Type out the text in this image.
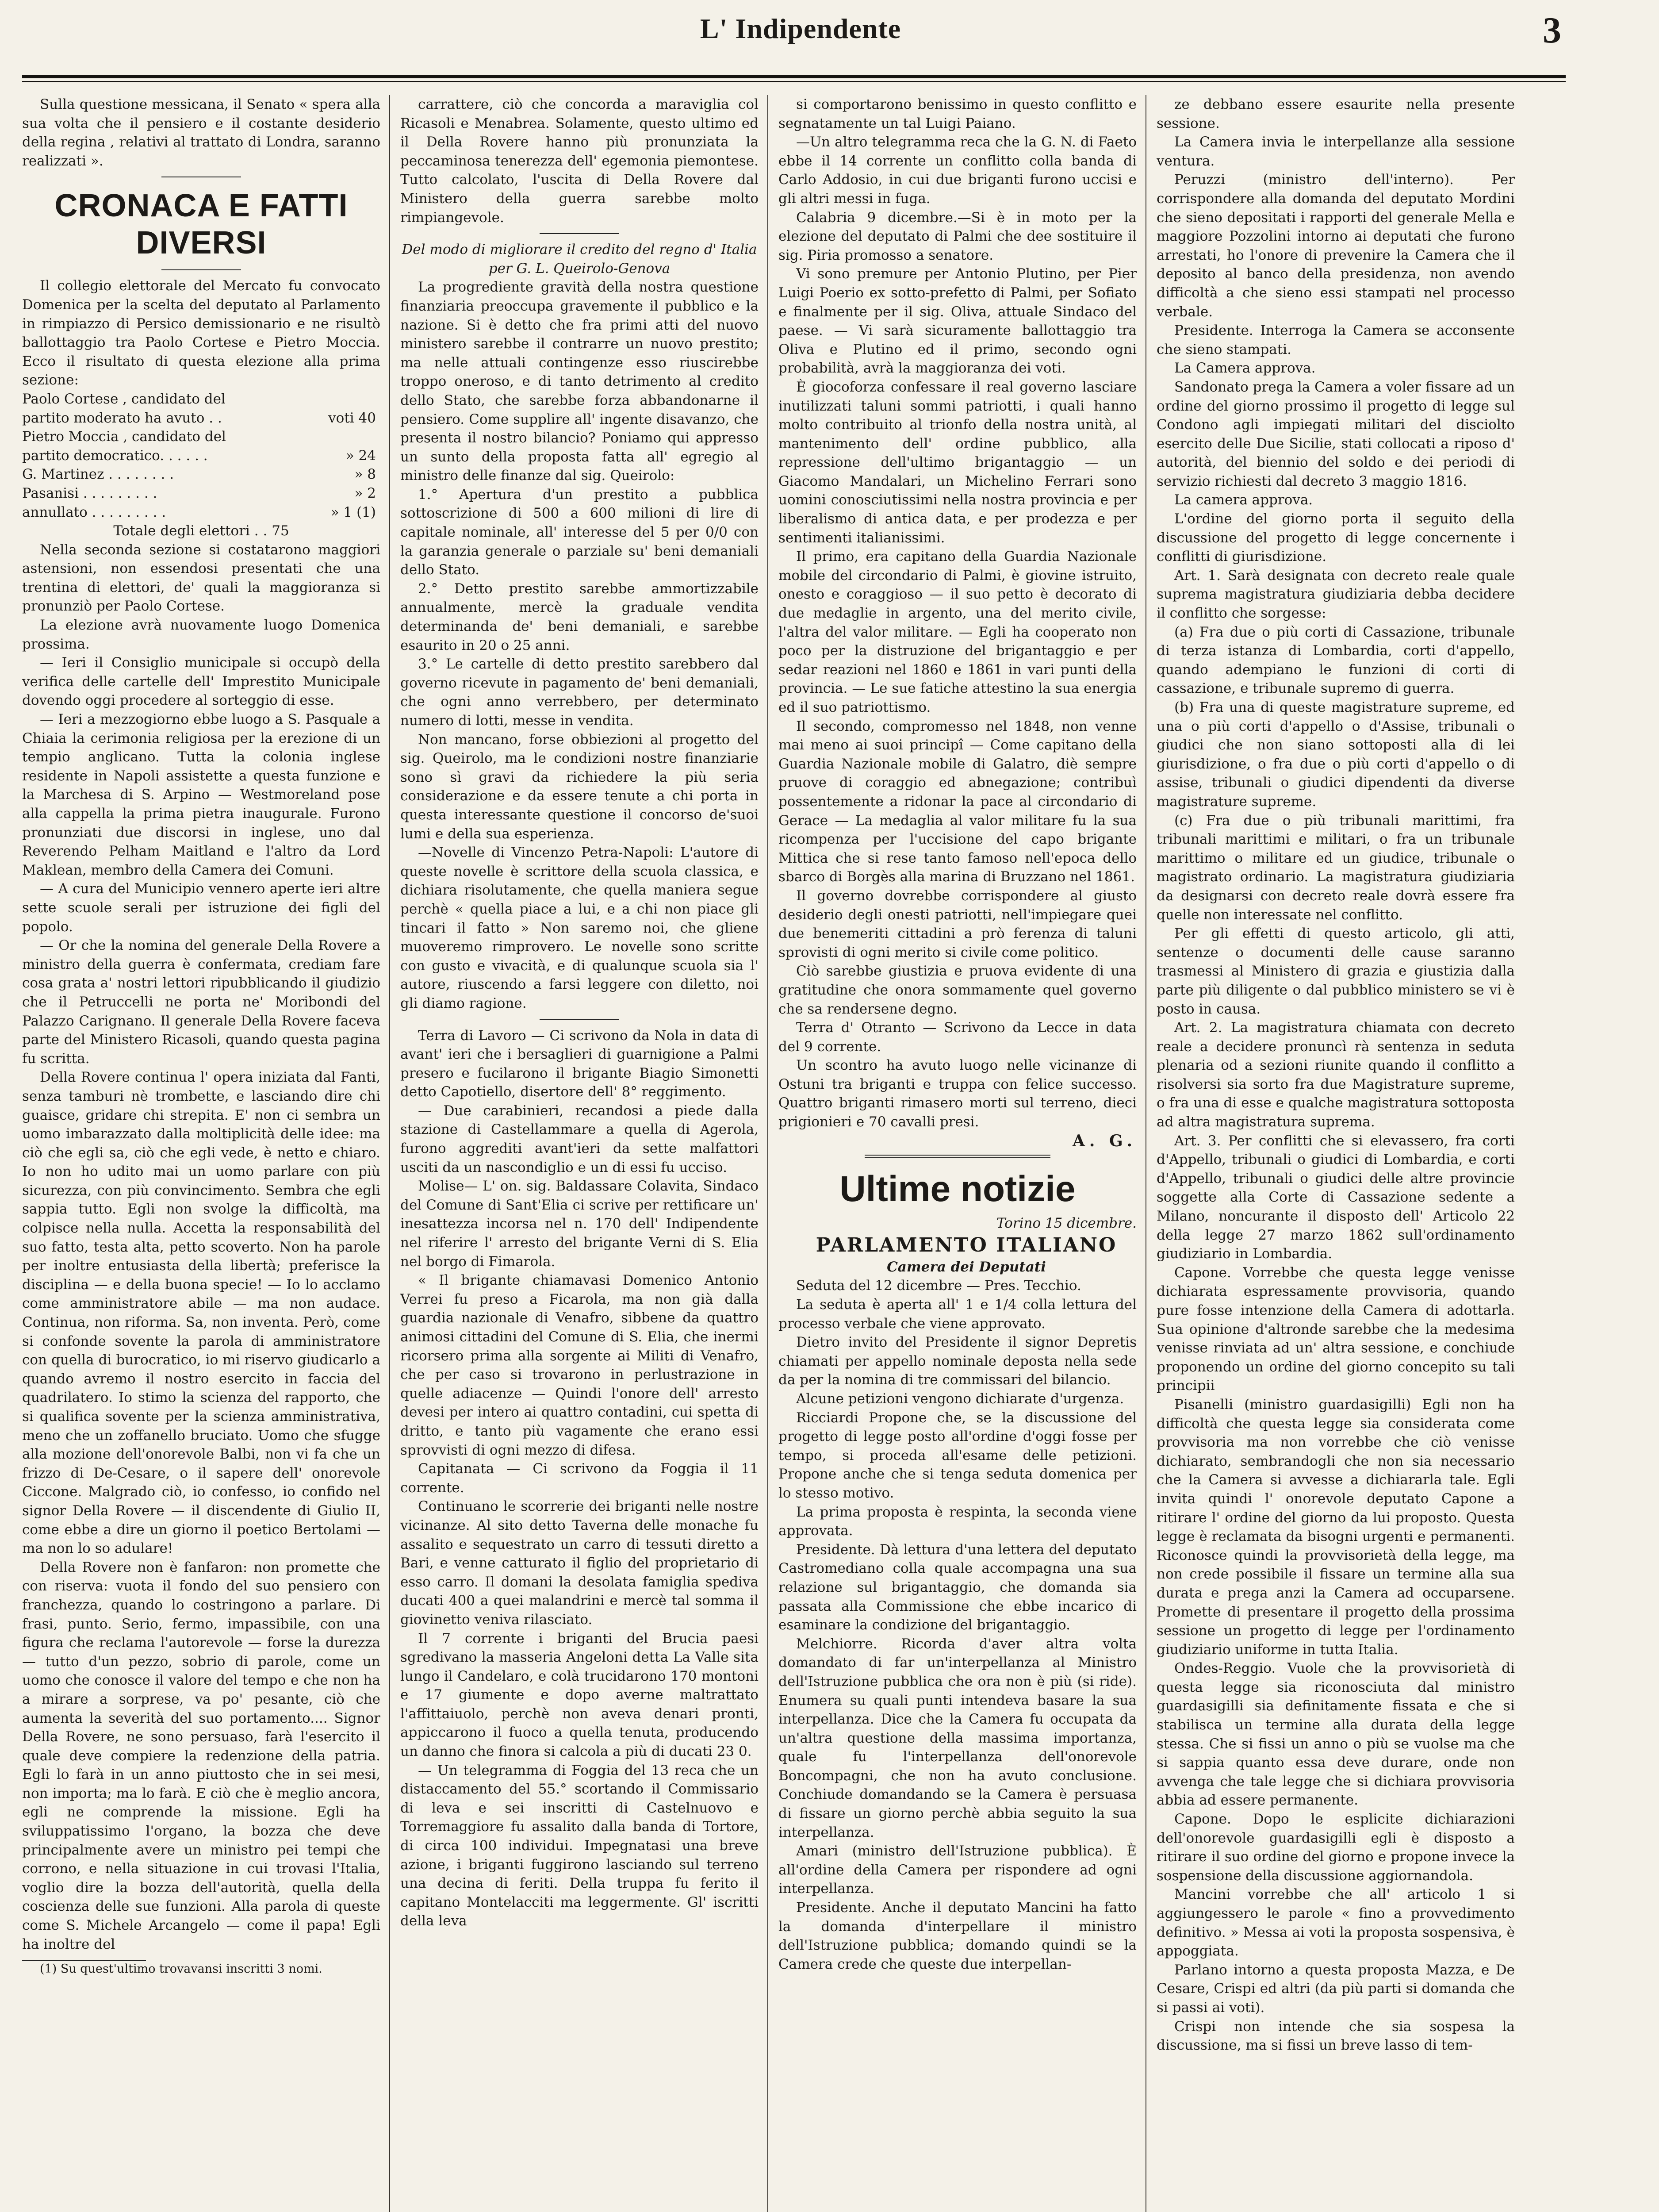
L' Indipendente	3

Sulla questione messicana, il Senato « spera alla sua volta che il pensiero e il costante desiderio della regina , relativi al trattato di Londra, saranno realizzati ».

CRONACA E FATTI DIVERSI

Il collegio elettorale del Mercato fu convocato Domenica per la scelta del deputato al Parlamento in rimpiazzo di Persico demissionario e ne risultò ballottaggio tra Paolo Cortese e Pietro Moccia. Ecco il risultato di questa elezione alla prima sezione:

Paolo Cortese , candidato del	
partito moderato ha avuto . .	voti 40
Pietro Moccia , candidato del	
partito democratico. . . . . .	» 24
G. Martinez . . . . . . . .	» 8
Pasanisi . . . . . . . . .	» 2
annullato . . . . . . . . .	» 1 (1)

Totale degli elettori . . 75

Nella seconda sezione si costatarono maggiori astensioni, non essendosi presentati che una trentina di elettori, de' quali la maggioranza si pronunziò per Paolo Cortese.

La elezione avrà nuovamente luogo Domenica prossima.

— Ieri il Consiglio municipale si occupò della verifica delle cartelle dell' Imprestito Municipale dovendo oggi procedere al sorteggio di esse.

— Ieri a mezzogiorno ebbe luogo a S. Pasquale a Chiaia la cerimonia religiosa per la erezione di un tempio anglicano. Tutta la colonia inglese residente in Napoli assistette a questa funzione e la Marchesa di S. Arpino — Westmoreland pose alla cappella la prima pietra inaugurale. Furono pronunziati due discorsi in inglese, uno dal Reverendo Pelham Maitland e l'altro da Lord Maklean, membro della Camera dei Comuni.

— A cura del Municipio vennero aperte ieri altre sette scuole serali per istruzione dei figli del popolo.

— Or che la nomina del generale Della Rovere a ministro della guerra è confermata, crediam fare cosa grata a' nostri lettori ripubblicando il giudizio che il Petruccelli ne porta ne' Moribondi del Palazzo Carignano. Il generale Della Rovere faceva parte del Ministero Ricasoli, quando questa pagina fu scritta.

Della Rovere continua l' opera iniziata dal Fanti, senza tamburi nè trombette, e lasciando dire chi guaisce, gridare chi strepita. E' non ci sembra un uomo imbarazzato dalla moltiplicità delle idee: ma ciò che egli sa, ciò che egli vede, è netto e chiaro. Io non ho udito mai un uomo parlare con più sicurezza, con più convincimento. Sembra che egli sappia tutto. Egli non svolge la difficoltà, ma colpisce nella nulla. Accetta la responsabilità del suo fatto, testa alta, petto scoverto. Non ha parole per inoltre entusiasta della libertà; preferisce la disciplina — e della buona specie! — Io lo acclamo come amministratore abile — ma non audace. Continua, non riforma. Sa, non inventa. Però, come si confonde sovente la parola di amministratore con quella di burocratico, io mi riservo giudicarlo a quando avremo il nostro esercito in faccia del quadrilatero. Io stimo la scienza del rapporto, che si qualifica sovente per la scienza amministrativa, meno che un zoffanello bruciato. Uomo che sfugge alla mozione dell'onorevole Balbi, non vi fa che un frizzo di De-Cesare, o il sapere dell' onorevole Ciccone. Malgrado ciò, io confesso, io confido nel signor Della Rovere — il discendente di Giulio II, come ebbe a dire un giorno il poetico Bertolami — ma non lo so adulare!

Della Rovere non è fanfaron: non promette che con riserva: vuota il fondo del suo pensiero con franchezza, quando lo costringono a parlare. Di frasi, punto. Serio, fermo, impassibile, con una figura che reclama l'autorevole — forse la durezza — tutto d'un pezzo, sobrio di parole, come un uomo che conosce il valore del tempo e che non ha a mirare a sorprese, va po' pesante, ciò che aumenta la severità del suo portamento.... Signor Della Rovere, ne sono persuaso, farà l'esercito il quale deve compiere la redenzione della patria. Egli lo farà in un anno piuttosto che in sei mesi, non importa; ma lo farà. E ciò che è meglio ancora, egli ne comprende la missione. Egli ha sviluppatissimo l'organo, la bozza che deve principalmente avere un ministro pei tempi che corrono, e nella situazione in cui trovasi l'Italia, voglio dire la bozza dell'autorità, quella della coscienza delle sue funzioni. Alla parola di queste come S. Michele Arcangelo — come il papa! Egli ha inoltre del

(1) Su quest'ultimo trovavansi inscritti 3 nomi.

carrattere, ciò che concorda a maraviglia col Ricasoli e Menabrea. Solamente, questo ultimo ed il Della Rovere hanno più pronunziata la peccaminosa tenerezza dell' egemonia piemontese. Tutto calcolato, l'uscita di Della Rovere dal Ministero della guerra sarebbe molto rimpiangevole.

Del modo di migliorare il credito del regno d' Italia per G. L. Queirolo-Genova

La progrediente gravità della nostra questione finanziaria preoccupa gravemente il pubblico e la nazione. Si è detto che fra primi atti del nuovo ministero sarebbe il contrarre un nuovo prestito; ma nelle attuali contingenze esso riuscirebbe troppo oneroso, e di tanto detrimento al credito dello Stato, che sarebbe forza abbandonarne il pensiero. Come supplire all' ingente disavanzo, che presenta il nostro bilancio? Poniamo qui appresso un sunto della proposta fatta all' egregio al ministro delle finanze dal sig. Queirolo:

1.° Apertura d'un prestito a pubblica sottoscrizione di 500 a 600 milioni di lire di capitale nominale, all' interesse del 5 per 0/0 con la garanzia generale o parziale su' beni demaniali dello Stato.

2.° Detto prestito sarebbe ammortizzabile annualmente, mercè la graduale vendita determinanda de' beni demaniali, e sarebbe esaurito in 20 o 25 anni.

3.° Le cartelle di detto prestito sarebbero dal governo ricevute in pagamento de' beni demaniali, che ogni anno verrebbero, per determinato numero di lotti, messe in vendita.

Non mancano, forse obbiezioni al progetto del sig. Queirolo, ma le condizioni nostre finanziarie sono sì gravi da richiedere la più seria considerazione e da essere tenute a chi porta in questa interessante questione il concorso de'suoi lumi e della sua esperienza.

—Novelle di Vincenzo Petra-Napoli: L'autore di queste novelle è scrittore della scuola classica, e dichiara risolutamente, che quella maniera segue perchè « quella piace a lui, e a chi non piace gli tincari il fatto » Non saremo noi, che gliene muoveremo rimprovero. Le novelle sono scritte con gusto e vivacità, e di qualunque scuola sia l' autore, riuscendo a farsi leggere con diletto, noi gli diamo ragione.

Terra di Lavoro — Ci scrivono da Nola in data di avant' ieri che i bersaglieri di guarnigione a Palmi presero e fucilarono il brigante Biagio Simonetti detto Capotiello, disertore dell' 8° reggimento.

— Due carabinieri, recandosi a piede dalla stazione di Castellammare a quella di Agerola, furono aggrediti avant'ieri da sette malfattori usciti da un nascondiglio e un di essi fu ucciso.

Molise— L' on. sig. Baldassare Colavita, Sindaco del Comune di Sant'Elia ci scrive per rettificare un' inesattezza incorsa nel n. 170 dell' Indipendente nel riferire l' arresto del brigante Verni di S. Elia nel borgo di Fimarola.

« Il brigante chiamavasi Domenico Antonio Verrei fu preso a Ficarola, ma non già dalla guardia nazionale di Venafro, sibbene da quattro animosi cittadini del Comune di S. Elia, che inermi ricorsero prima alla sorgente ai Militi di Venafro, che per caso si trovarono in perlustrazione in quelle adiacenze — Quindi l'onore dell' arresto devesi per intero ai quattro contadini, cui spetta di dritto, e tanto più vagamente che erano essi sprovvisti di ogni mezzo di difesa.

Capitanata — Ci scrivono da Foggia il 11 corrente.

Continuano le scorrerie dei briganti nelle nostre vicinanze. Al sito detto Taverna delle monache fu assalito e sequestrato un carro di tessuti diretto a Bari, e venne catturato il figlio del proprietario di esso carro. Il domani la desolata famiglia spediva ducati 400 a quei malandrini e mercè tal somma il giovinetto veniva rilasciato.

Il 7 corrente i briganti del Brucia paesi sgredivano la masseria Angeloni detta La Valle sita lungo il Candelaro, e colà trucidarono 170 montoni e 17 giumente e dopo averne maltrattato l'affittaiuolo, perchè non aveva denari pronti, appiccarono il fuoco a quella tenuta, producendo un danno che finora si calcola a più di ducati 23 0.

— Un telegramma di Foggia del 13 reca che un distaccamento del 55.° scortando il Commissario di leva e sei inscritti di Castelnuovo e Torremaggiore fu assalito dalla banda di Tortore, di circa 100 individui. Impegnatasi una breve azione, i briganti fuggirono lasciando sul terreno una decina di feriti. Della truppa fu ferito il capitano Montelacciti ma leggermente. Gl' iscritti della leva

si comportarono benissimo in questo conflitto e segnatamente un tal Luigi Paiano.

—Un altro telegramma reca che la G. N. di Faeto ebbe il 14 corrente un conflitto colla banda di Carlo Addosio, in cui due briganti furono uccisi e gli altri messi in fuga.

Calabria 9 dicembre.—Si è in moto per la elezione del deputato di Palmi che dee sostituire il sig. Piria promosso a senatore.

Vi sono premure per Antonio Plutino, per Pier Luigi Poerio ex sotto-prefetto di Palmi, per Sofiato e finalmente per il sig. Oliva, attuale Sindaco del paese. — Vi sarà sicuramente ballottaggio tra Oliva e Plutino ed il primo, secondo ogni probabilità, avrà la maggioranza dei voti.

È giocoforza confessare il real governo lasciare inutilizzati taluni sommi patriotti, i quali hanno molto contribuito al trionfo della nostra unità, al mantenimento dell' ordine pubblico, alla repressione dell'ultimo brigantaggio — un Giacomo Mandalari, un Michelino Ferrari sono uomini conosciutissimi nella nostra provincia e per liberalismo di antica data, e per prodezza e per sentimenti italianissimi.

Il primo, era capitano della Guardia Nazionale mobile del circondario di Palmi, è giovine istruito, onesto e coraggioso — il suo petto è decorato di due medaglie in argento, una del merito civile, l'altra del valor militare. — Egli ha cooperato non poco per la distruzione del brigantaggio e per sedar reazioni nel 1860 e 1861 in vari punti della provincia. — Le sue fatiche attestino la sua energia ed il suo patriottismo.

Il secondo, compromesso nel 1848, non venne mai meno ai suoi principî — Come capitano della Guardia Nazionale mobile di Galatro, diè sempre pruove di coraggio ed abnegazione; contribuì possentemente a ridonar la pace al circondario di Gerace — La medaglia al valor militare fu la sua ricompenza per l'uccisione del capo brigante Mittica che si rese tanto famoso nell'epoca dello sbarco di Borgès alla marina di Bruzzano nel 1861.

Il governo dovrebbe corrispondere al giusto desiderio degli onesti patriotti, nell'impiegare quei due benemeriti cittadini a prò ferenza di taluni sprovisti di ogni merito si civile come politico.

Ciò sarebbe giustizia e pruova evidente di una gratitudine che onora sommamente quel governo che sa rendersene degno.

Terra d' Otranto — Scrivono da Lecce in data del 9 corrente.

Un scontro ha avuto luogo nelle vicinanze di Ostuni tra briganti e truppa con felice successo. Quattro briganti rimasero morti sul terreno, dieci prigionieri e 70 cavalli presi.

A. G.

Ultime notizie

Torino 15 dicembre.

PARLAMENTO ITALIANO

Camera dei Deputati

Seduta del 12 dicembre — Pres. Tecchio.

La seduta è aperta all' 1 e 1/4 colla lettura del processo verbale che viene approvato.

Dietro invito del Presidente il signor Depretis chiamati per appello nominale deposta nella sede da per la nomina di tre commissari del bilancio.

Alcune petizioni vengono dichiarate d'urgenza.

Ricciardi Propone che, se la discussione del progetto di legge posto all'ordine d'oggi fosse per tempo, si proceda all'esame delle petizioni. Propone anche che si tenga seduta domenica per lo stesso motivo.

La prima proposta è respinta, la seconda viene approvata.

Presidente. Dà lettura d'una lettera del deputato Castromediano colla quale accompagna una sua relazione sul brigantaggio, che domanda sia passata alla Commissione che ebbe incarico di esaminare la condizione del brigantaggio.

Melchiorre. Ricorda d'aver altra volta domandato di far un'interpellanza al Ministro dell'Istruzione pubblica che ora non è più (si ride). Enumera su quali punti intendeva basare la sua interpellanza. Dice che la Camera fu occupata da un'altra questione della massima importanza, quale fu l'interpellanza dell'onorevole Boncompagni, che non ha avuto conclusione. Conchiude domandando se la Camera è persuasa di fissare un giorno perchè abbia seguito la sua interpellanza.

Amari (ministro dell'Istruzione pubblica). È all'ordine della Camera per rispondere ad ogni interpellanza.

Presidente. Anche il deputato Mancini ha fatto la domanda d'interpellare il ministro dell'Istruzione pubblica; domando quindi se la Camera crede che queste due interpellan-

ze debbano essere esaurite nella presente sessione.

La Camera invia le interpellanze alla sessione ventura.

Peruzzi (ministro dell'interno). Per corrispondere alla domanda del deputato Mordini che sieno depositati i rapporti del generale Mella e maggiore Pozzolini intorno ai deputati che furono arrestati, ho l'onore di prevenire la Camera che il deposito al banco della presidenza, non avendo difficoltà a che sieno essi stampati nel processo verbale.

Presidente. Interroga la Camera se acconsente che sieno stampati.

La Camera approva.

Sandonato prega la Camera a voler fissare ad un ordine del giorno prossimo il progetto di legge sul Condono agli impiegati militari del disciolto esercito delle Due Sicilie, stati collocati a riposo d' autorità, del biennio del soldo e dei periodi di servizio richiesti dal decreto 3 maggio 1816.

La camera approva.

L'ordine del giorno porta il seguito della discussione del progetto di legge concernente i conflitti di giurisdizione.

Art. 1. Sarà designata con decreto reale quale suprema magistratura giudiziaria debba decidere il conflitto che sorgesse:

(a) Fra due o più corti di Cassazione, tribunale di terza istanza di Lombardia, corti d'appello, quando adempiano le funzioni di corti di cassazione, e tribunale supremo di guerra.

(b) Fra una di queste magistrature supreme, ed una o più corti d'appello o d'Assise, tribunali o giudici che non siano sottoposti alla di lei giurisdizione, o fra due o più corti d'appello o di assise, tribunali o giudici dipendenti da diverse magistrature supreme.

(c) Fra due o più tribunali marittimi, fra tribunali marittimi e militari, o fra un tribunale marittimo o militare ed un giudice, tribunale o magistrato ordinario. La magistratura giudiziaria da designarsi con decreto reale dovrà essere fra quelle non interessate nel conflitto.

Per gli effetti di questo articolo, gli atti, sentenze o documenti delle cause saranno trasmessi al Ministero di grazia e giustizia dalla parte più diligente o dal pubblico ministero se vi è posto in causa.

Art. 2. La magistratura chiamata con decreto reale a decidere pronuncì rà sentenza in seduta plenaria od a sezioni riunite quando il conflitto a risolversi sia sorto fra due Magistrature supreme, o fra una di esse e qualche magistratura sottoposta ad altra magistratura suprema.

Art. 3. Per conflitti che si elevassero, fra corti d'Appello, tribunali o giudici di Lombardia, e corti d'Appello, tribunali o giudici delle altre provincie soggette alla Corte di Cassazione sedente a Milano, noncurante il disposto dell' Articolo 22 della legge 27 marzo 1862 sull'ordinamento giudiziario in Lombardia.

Capone. Vorrebbe che questa legge venisse dichiarata espressamente provvisoria, quando pure fosse intenzione della Camera di adottarla. Sua opinione d'altronde sarebbe che la medesima venisse rinviata ad un' altra sessione, e conchiude proponendo un ordine del giorno concepito su tali principii

Pisanelli (ministro guardasigilli) Egli non ha difficoltà che questa legge sia considerata come provvisoria ma non vorrebbe che ciò venisse dichiarato, sembrandogli che non sia necessario che la Camera si avvesse a dichiararla tale. Egli invita quindi l' onorevole deputato Capone a ritirare l' ordine del giorno da lui proposto. Questa legge è reclamata da bisogni urgenti e permanenti. Riconosce quindi la provvisorietà della legge, ma non crede possibile il fissare un termine alla sua durata e prega anzi la Camera ad occuparsene. Promette di presentare il progetto della prossima sessione un progetto di legge per l'ordinamento giudiziario uniforme in tutta Italia.

Ondes-Reggio. Vuole che la provvisorietà di questa legge sia riconosciuta dal ministro guardasigilli sia definitamente fissata e che si stabilisca un termine alla durata della legge stessa. Che si fissi un anno o più se vuolse ma che si sappia quanto essa deve durare, onde non avvenga che tale legge che si dichiara provvisoria abbia ad essere permanente.

Capone. Dopo le esplicite dichiarazioni dell'onorevole guardasigilli egli è disposto a ritirare il suo ordine del giorno e propone invece la sospensione della discussione aggiornandola.

Mancini vorrebbe che all' articolo 1 si aggiungessero le parole « fino a provvedimento definitivo. » Messa ai voti la proposta sospensiva, è appoggiata.

Parlano intorno a questa proposta Mazza, e De Cesare, Crispi ed altri (da più parti si domanda che si passi ai voti).

Crispi non intende che sia sospesa la discussione, ma si fissi un breve lasso di tem-
